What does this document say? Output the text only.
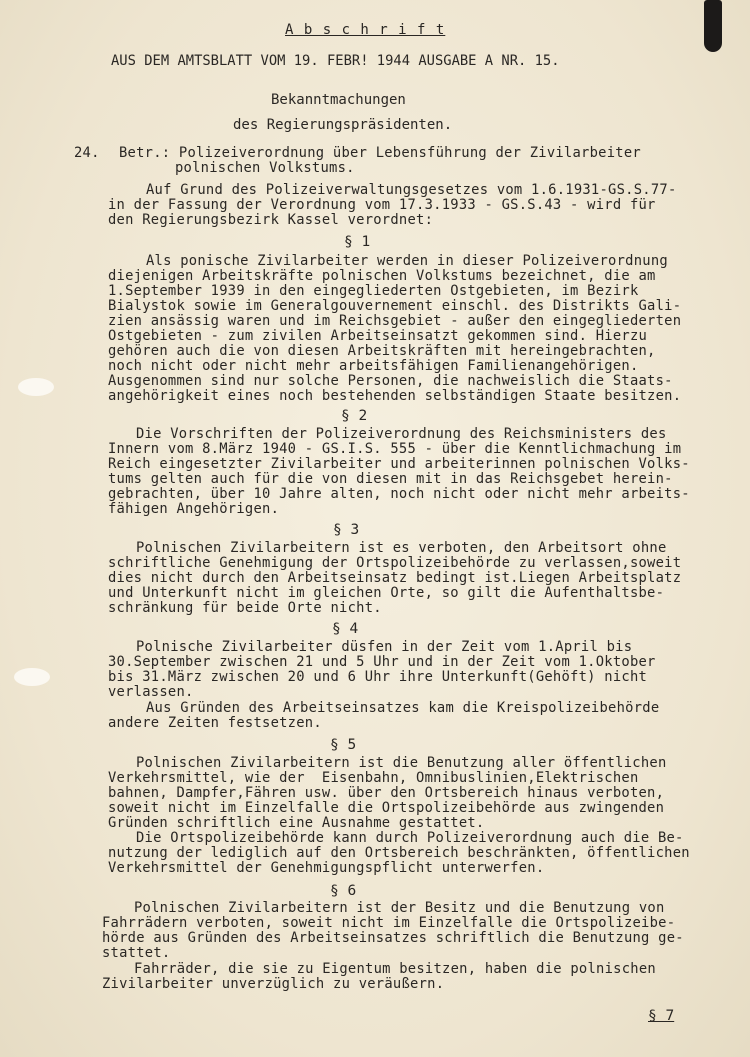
A b s c h r i f t
AUS DEM AMTSBLATT VOM 19. FEBR! 1944 AUSGABE A NR. 15.
Bekanntmachungen
des Regierungspräsidenten.
24. Betr.: Polizeiverordnung über Lebensführung der Zivilarbeiter
polnischen Volkstums.
Auf Grund des Polizeiverwaltungsgesetzes vom 1.6.1931-GS.S.77-
in der Fassung der Verordnung vom 17.3.1933 - GS.S.43 - wird für
den Regierungsbezirk Kassel verordnet:
§ 1
Als ponische Zivilarbeiter werden in dieser Polizeiverordnung
diejenigen Arbeitskräfte polnischen Volkstums bezeichnet, die am
1.September 1939 in den eingegliederten Ostgebieten, im Bezirk
Bialystok sowie im Generalgouvernement einschl. des Distrikts Gali-
zien ansässig waren und im Reichsgebiet - außer den eingegliederten
Ostgebieten - zum zivilen Arbeitseinsatzt gekommen sind. Hierzu
gehören auch die von diesen Arbeitskräften mit hereingebrachten,
noch nicht oder nicht mehr arbeitsfähigen Familienangehörigen.
Ausgenommen sind nur solche Personen, die nachweislich die Staats-
angehörigkeit eines noch bestehenden selbständigen Staate besitzen.
§ 2
Die Vorschriften der Polizeiverordnung des Reichsministers des
Innern vom 8.März 1940 - GS.I.S. 555 - über die Kenntlichmachung im
Reich eingesetzter Zivilarbeiter und arbeiterinnen polnischen Volks-
tums gelten auch für die von diesen mit in das Reichsgebet herein-
gebrachten, über 10 Jahre alten, noch nicht oder nicht mehr arbeits-
fähigen Angehörigen.
§ 3
Polnischen Zivilarbeitern ist es verboten, den Arbeitsort ohne
schriftliche Genehmigung der Ortspolizeibehörde zu verlassen,soweit
dies nicht durch den Arbeitseinsatz bedingt ist.Liegen Arbeitsplatz
und Unterkunft nicht im gleichen Orte, so gilt die Aufenthaltsbe-
schränkung für beide Orte nicht.
§ 4
Polnische Zivilarbeiter düsfen in der Zeit vom 1.April bis
30.September zwischen 21 und 5 Uhr und in der Zeit vom 1.Oktober
bis 31.März zwischen 20 und 6 Uhr ihre Unterkunft(Gehöft) nicht
verlassen.
Aus Gründen des Arbeitseinsatzes kam die Kreispolizeibehörde
andere Zeiten festsetzen.
§ 5
Polnischen Zivilarbeitern ist die Benutzung aller öffentlichen
Verkehrsmittel, wie der  Eisenbahn, Omnibuslinien,Elektrischen
bahnen, Dampfer,Fähren usw. über den Ortsbereich hinaus verboten,
soweit nicht im Einzelfalle die Ortspolizeibehörde aus zwingenden
Gründen schriftlich eine Ausnahme gestattet.
Die Ortspolizeibehörde kann durch Polizeiverordnung auch die Be-
nutzung der lediglich auf den Ortsbereich beschränkten, öffentlichen
Verkehrsmittel der Genehmigungspflicht unterwerfen.
§ 6
Polnischen Zivilarbeitern ist der Besitz und die Benutzung von
Fahrrädern verboten, soweit nicht im Einzelfalle die Ortspolizeibe-
hörde aus Gründen des Arbeitseinsatzes schriftlich die Benutzung ge-
stattet.
Fahrräder, die sie zu Eigentum besitzen, haben die polnischen
Zivilarbeiter unverzüglich zu veräußern.
§ 7
